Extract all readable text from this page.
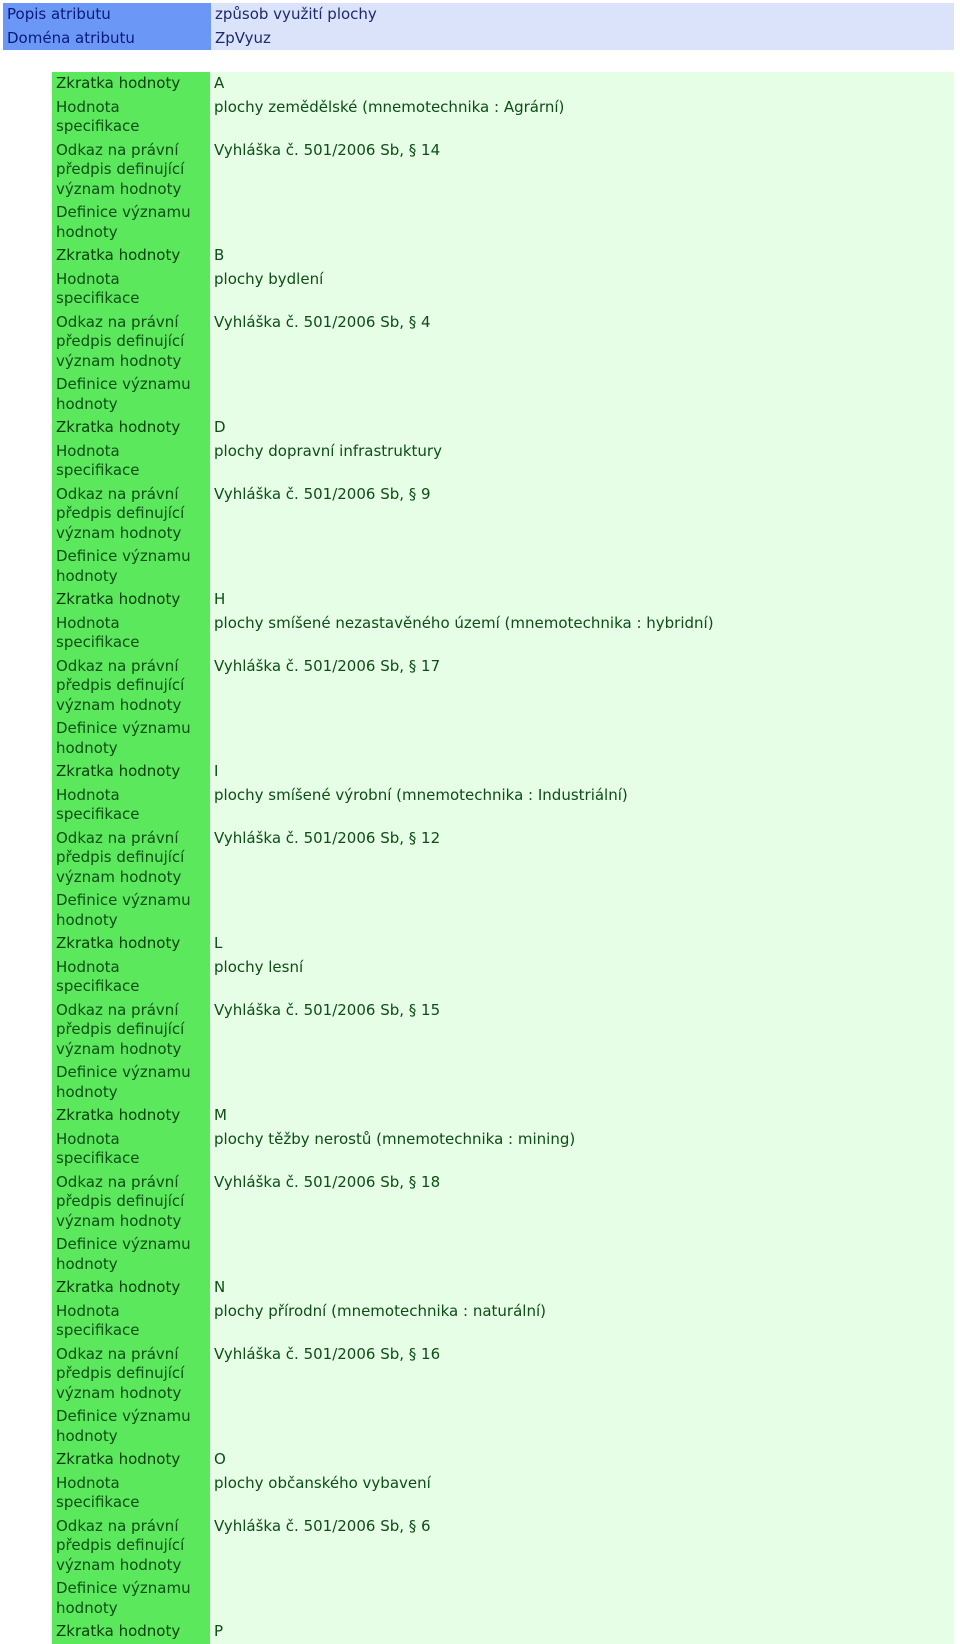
Popis atributu	způsob využití plochy
Doména atributu	ZpVyuz
Zkratka hodnoty	A
Hodnota specifikace	plochy zemědělské (mnemotechnika : Agrární)
Odkaz na právní předpis definující význam hodnoty	Vyhláška č. 501/2006 Sb, § 14
Definice významu hodnoty	
Zkratka hodnoty	B
Hodnota specifikace	plochy bydlení
Odkaz na právní předpis definující význam hodnoty	Vyhláška č. 501/2006 Sb, § 4
Definice významu hodnoty	
Zkratka hodnoty	D
Hodnota specifikace	plochy dopravní infrastruktury
Odkaz na právní předpis definující význam hodnoty	Vyhláška č. 501/2006 Sb, § 9
Definice významu hodnoty	
Zkratka hodnoty	H
Hodnota specifikace	plochy smíšené nezastavěného území (mnemotechnika : hybridní)
Odkaz na právní předpis definující význam hodnoty	Vyhláška č. 501/2006 Sb, § 17
Definice významu hodnoty	
Zkratka hodnoty	I
Hodnota specifikace	plochy smíšené výrobní (mnemotechnika : Industriální)
Odkaz na právní předpis definující význam hodnoty	Vyhláška č. 501/2006 Sb, § 12
Definice významu hodnoty	
Zkratka hodnoty	L
Hodnota specifikace	plochy lesní
Odkaz na právní předpis definující význam hodnoty	Vyhláška č. 501/2006 Sb, § 15
Definice významu hodnoty	
Zkratka hodnoty	M
Hodnota specifikace	plochy těžby nerostů (mnemotechnika : mining)
Odkaz na právní předpis definující význam hodnoty	Vyhláška č. 501/2006 Sb, § 18
Definice významu hodnoty	
Zkratka hodnoty	N
Hodnota specifikace	plochy přírodní (mnemotechnika : naturální)
Odkaz na právní předpis definující význam hodnoty	Vyhláška č. 501/2006 Sb, § 16
Definice významu hodnoty	
Zkratka hodnoty	O
Hodnota specifikace	plochy občanského vybavení
Odkaz na právní předpis definující význam hodnoty	Vyhláška č. 501/2006 Sb, § 6
Definice významu hodnoty	
Zkratka hodnoty	P
